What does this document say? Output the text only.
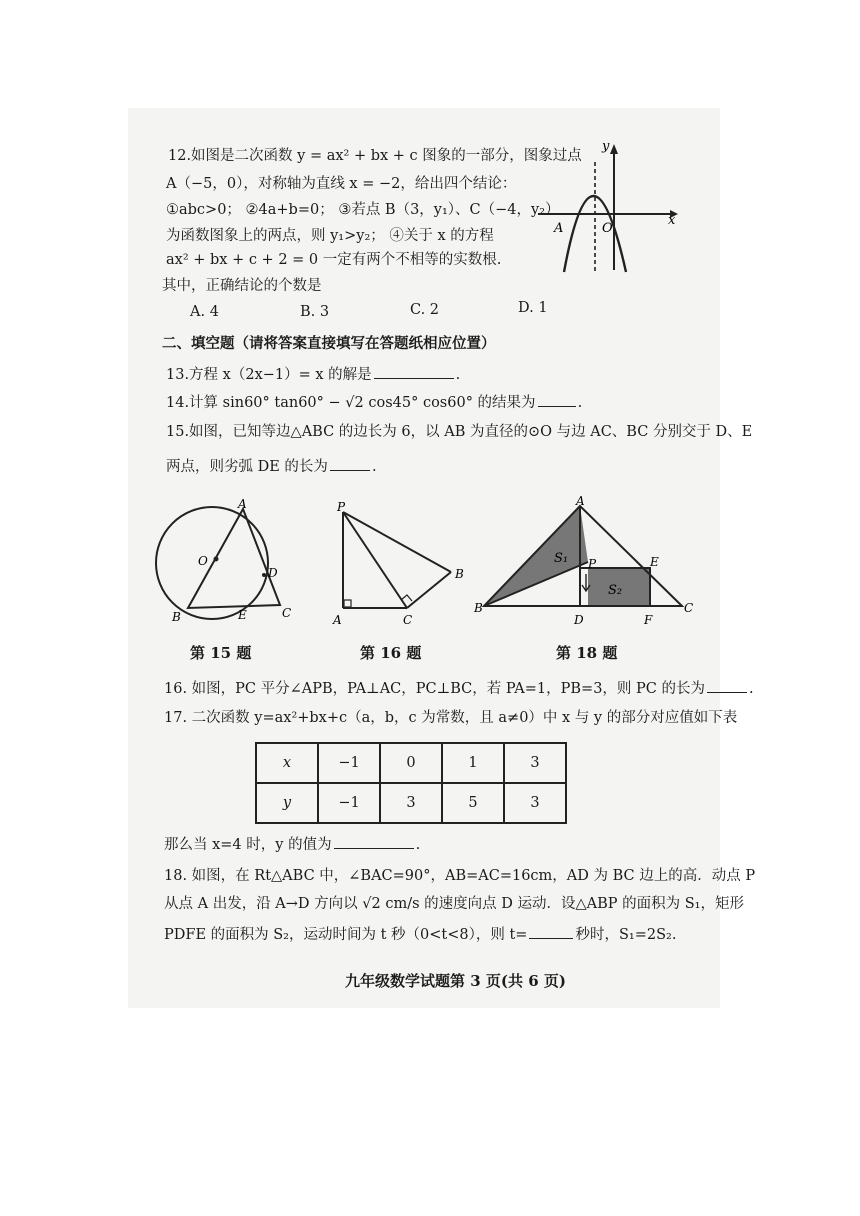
12.如图是二次函数 y = ax² + bx + c 图象的一部分，图象过点
A（−5，0），对称轴为直线 x = −2，给出四个结论：
①abc>0； ②4a+b=0； ③若点 B（3，y₁）、C（−4，y₂）
为函数图象上的两点，则 y₁>y₂； ④关于 x 的方程
ax² + bx + c + 2 = 0 一定有两个不相等的实数根.
其中，正确结论的个数是
A. 4	B. 3	C. 2	D. 1
x
y
A	O
二、填空题（请将答案直接填写在答题纸相应位置）
13.方程 x（2x−1）= x 的解是	.
14.计算 sin60° tan60° − √2 cos45° cos60° 的结果为	.
15.如图，已知等边△ABC 的边长为 6，以 AB 为直径的⊙O 与边 AC、BC 分别交于 D、E
两点，则劣弧 DE 的长为	.
A
B	C
D
E
O
P
A
B
C
A
B	C
D
E
F
P
S₁
S₂
第 15 题	第 16 题	第 18 题
16. 如图，PC 平分∠APB，PA⊥AC，PC⊥BC，若 PA=1，PB=3，则 PC 的长为	.
17. 二次函数 y=ax²+bx+c（a，b，c 为常数，且 a≠0）中 x 与 y 的部分对应值如下表
x	−1	0	1	3
y	−1	3	5	3
那么当 x=4 时，y 的值为	.
18. 如图，在 Rt△ABC 中，∠BAC=90°，AB=AC=16cm，AD 为 BC 边上的高．动点 P
从点 A 出发，沿 A→D 方向以 √2 cm/s 的速度向点 D 运动．设△ABP 的面积为 S₁，矩形
PDFE 的面积为 S₂，运动时间为 t 秒（0<t<8），则 t=	秒时，S₁=2S₂.
九年级数学试题第 3 页(共 6 页)
